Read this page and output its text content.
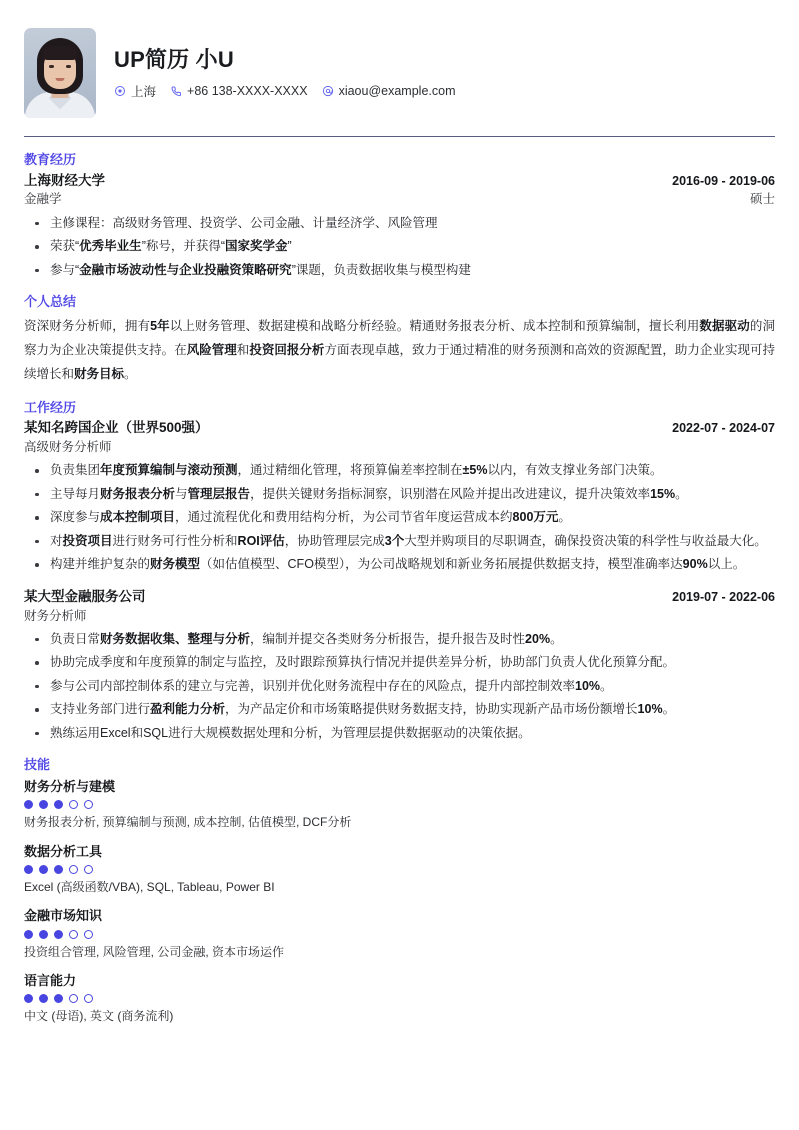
UP简历 小U
上海 +86 138-XXXX-XXXX xiaou@example.com
教育经历
上海财经大学	2016-09 - 2019-06
金融学	硕士
主修课程：高级财务管理、投资学、公司金融、计量经济学、风险管理
荣获“优秀毕业生”称号，并获得“国家奖学金”
参与“金融市场波动性与企业投融资策略研究”课题，负责数据收集与模型构建
个人总结
资深财务分析师，拥有5年以上财务管理、数据建模和战略分析经验。精通财务报表分析、成本控制和预算编制，擅长利用数据驱动的洞察力为企业决策提供支持。在风险管理和投资回报分析方面表现卓越，致力于通过精准的财务预测和高效的资源配置，助力企业实现可持续增长和财务目标。
工作经历
某知名跨国企业（世界500强）	2022-07 - 2024-07
高级财务分析师
负责集团年度预算编制与滚动预测，通过精细化管理，将预算偏差率控制在±5%以内，有效支撑业务部门决策。
主导每月财务报表分析与管理层报告，提供关键财务指标洞察，识别潜在风险并提出改进建议，提升决策效率15%。
深度参与成本控制项目，通过流程优化和费用结构分析，为公司节省年度运营成本约800万元。
对投资项目进行财务可行性分析和ROI评估，协助管理层完成3个大型并购项目的尽职调查，确保投资决策的科学性与收益最大化。
构建并维护复杂的财务模型（如估值模型、CFO模型），为公司战略规划和新业务拓展提供数据支持，模型准确率达90%以上。
某大型金融服务公司	2019-07 - 2022-06
财务分析师
负责日常财务数据收集、整理与分析，编制并提交各类财务分析报告，提升报告及时性20%。
协助完成季度和年度预算的制定与监控，及时跟踪预算执行情况并提供差异分析，协助部门负责人优化预算分配。
参与公司内部控制体系的建立与完善，识别并优化财务流程中存在的风险点，提升内部控制效率10%。
支持业务部门进行盈利能力分析，为产品定价和市场策略提供财务数据支持，协助实现新产品市场份额增长10%。
熟练运用Excel和SQL进行大规模数据处理和分析，为管理层提供数据驱动的决策依据。
技能
财务分析与建模
财务报表分析, 预算编制与预测, 成本控制, 估值模型, DCF分析
数据分析工具
Excel (高级函数/VBA), SQL, Tableau, Power BI
金融市场知识
投资组合管理, 风险管理, 公司金融, 资本市场运作
语言能力
中文 (母语), 英文 (商务流利)
